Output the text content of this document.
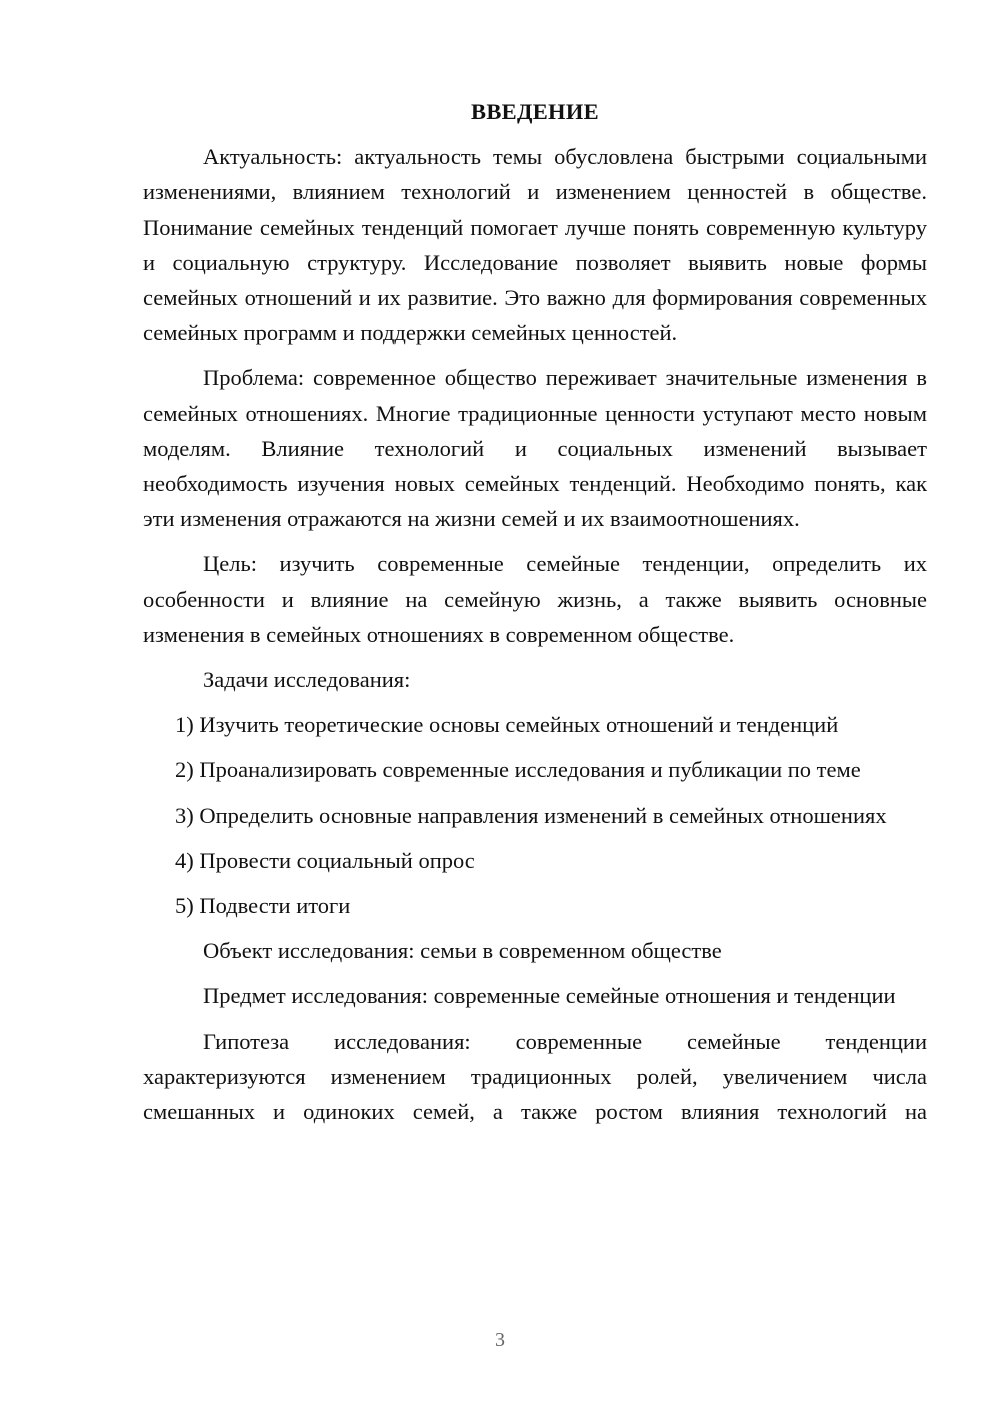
ВВЕДЕНИЕ

Актуальность: актуальность темы обусловлена быстрыми социальными изменениями, влиянием технологий и изменением ценностей в обществе. Понимание семейных тенденций помогает лучше понять современную культуру и социальную структуру. Исследование позволяет выявить новые формы семейных отношений и их развитие. Это важно для формирования современных семейных программ и поддержки семейных ценностей.

Проблема: современное общество переживает значительные изменения в семейных отношениях. Многие традиционные ценности уступают место новым моделям. Влияние технологий и социальных изменений вызывает необходимость изучения новых семейных тенденций. Необходимо понять, как эти изменения отражаются на жизни семей и их взаимоотношениях.

Цель: изучить современные семейные тенденции, определить их особенности и влияние на семейную жизнь, а также выявить основные изменения в семейных отношениях в современном обществе.

Задачи исследования:

1) Изучить теоретические основы семейных отношений и тенденций

2) Проанализировать современные исследования и публикации по теме

3) Определить основные направления изменений в семейных отношениях

4) Провести социальный опрос

5) Подвести итоги

Объект исследования: семьи в современном обществе

Предмет исследования: современные семейные отношения и тенденции

Гипотеза исследования: современные семейные тенденции характеризуются изменением традиционных ролей, увеличением числа смешанных и одиноких семей, а также ростом влияния технологий на

3
